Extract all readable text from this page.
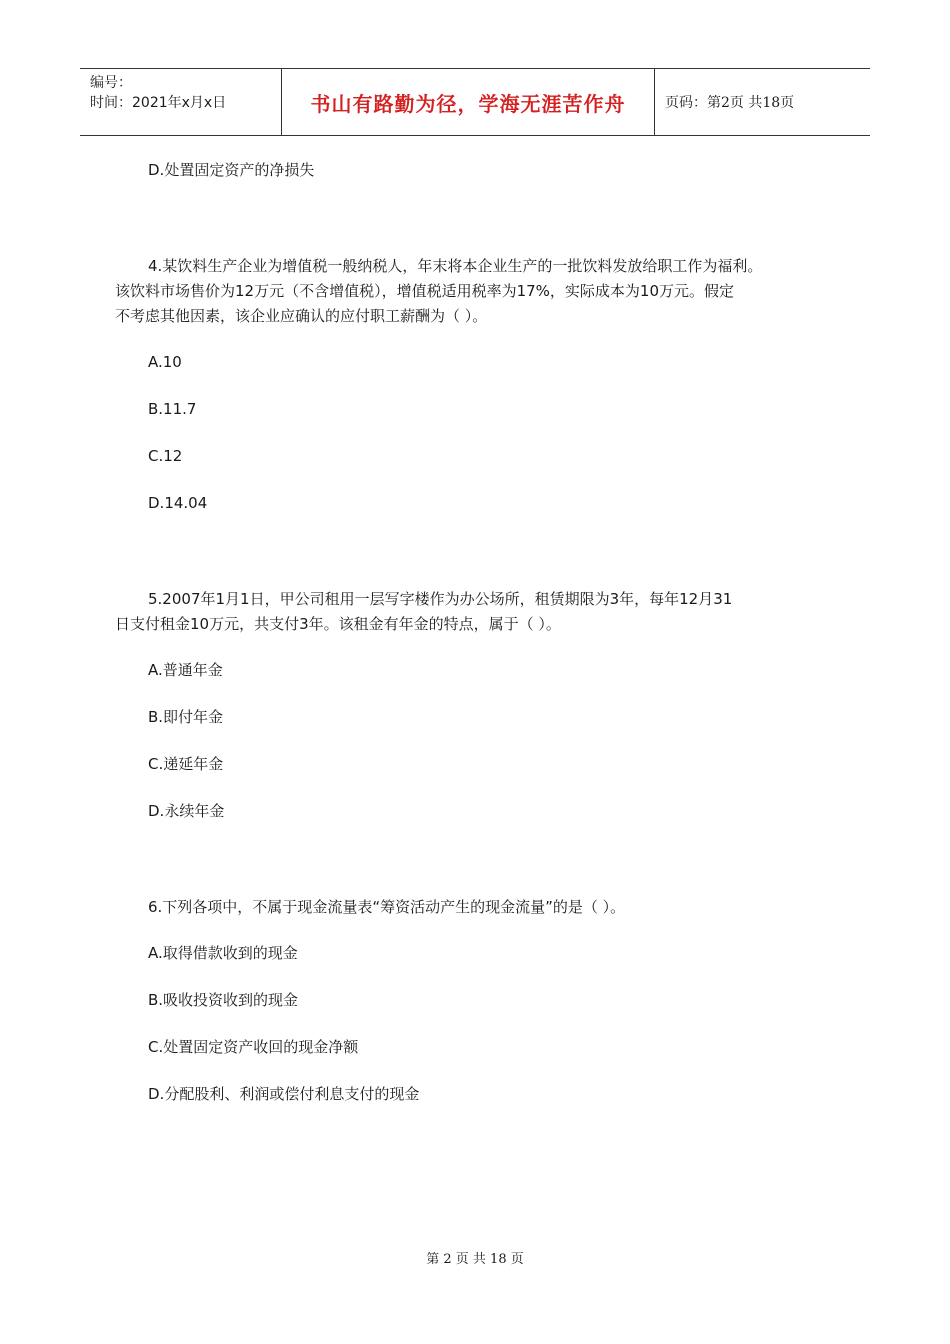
编号：
时间：2021年x月x日	书山有路勤为径，学海无涯苦作舟	页码：第2页 共18页
D.处置固定资产的净损失
4.某饮料生产企业为增值税一般纳税人，年末将本企业生产的一批饮料发放给职工作为福利。
该饮料市场售价为12万元（不含增值税），增值税适用税率为17%，实际成本为10万元。假定
不考虑其他因素，该企业应确认的应付职工薪酬为（ ）。
A.10
B.11.7
C.12
D.14.04
5.2007年1月1日，甲公司租用一层写字楼作为办公场所，租赁期限为3年，每年12月31
日支付租金10万元，共支付3年。该租金有年金的特点，属于（ ）。
A.普通年金
B.即付年金
C.递延年金
D.永续年金
6.下列各项中，不属于现金流量表“筹资活动产生的现金流量”的是（ ）。
A.取得借款收到的现金
B.吸收投资收到的现金
C.处置固定资产收回的现金净额
D.分配股利、利润或偿付利息支付的现金
第 2 页 共 18 页
